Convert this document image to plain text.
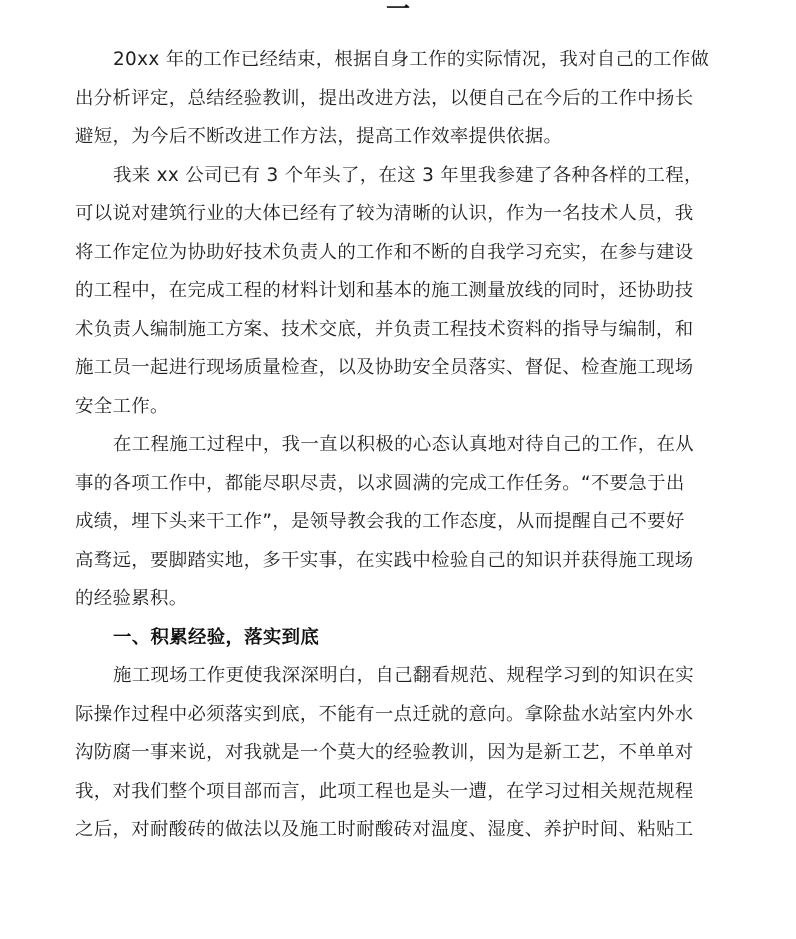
一
20xx 年的工作已经结束，根据自身工作的实际情况，我对自己的工作做
出分析评定，总结经验教训，提出改进方法，以便自己在今后的工作中扬长
避短，为今后不断改进工作方法，提高工作效率提供依据。
我来 xx 公司已有 3 个年头了，在这 3 年里我参建了各种各样的工程，
可以说对建筑行业的大体已经有了较为清晰的认识，作为一名技术人员，我
将工作定位为协助好技术负责人的工作和不断的自我学习充实，在参与建设
的工程中，在完成工程的材料计划和基本的施工测量放线的同时，还协助技
术负责人编制施工方案、技术交底，并负责工程技术资料的指导与编制，和
施工员一起进行现场质量检查，以及协助安全员落实、督促、检查施工现场
安全工作。
在工程施工过程中，我一直以积极的心态认真地对待自己的工作，在从
事的各项工作中，都能尽职尽责，以求圆满的完成工作任务。“不要急于出
成绩，埋下头来干工作”，是领导教会我的工作态度，从而提醒自己不要好
高骛远，要脚踏实地，多干实事，在实践中检验自己的知识并获得施工现场
的经验累积。
一、积累经验，落实到底
施工现场工作更使我深深明白，自己翻看规范、规程学习到的知识在实
际操作过程中必须落实到底，不能有一点迁就的意向。拿除盐水站室内外水
沟防腐一事来说，对我就是一个莫大的经验教训，因为是新工艺，不单单对
我，对我们整个项目部而言，此项工程也是头一遭，在学习过相关规范规程
之后，对耐酸砖的做法以及施工时耐酸砖对温度、湿度、养护时间、粘贴工
